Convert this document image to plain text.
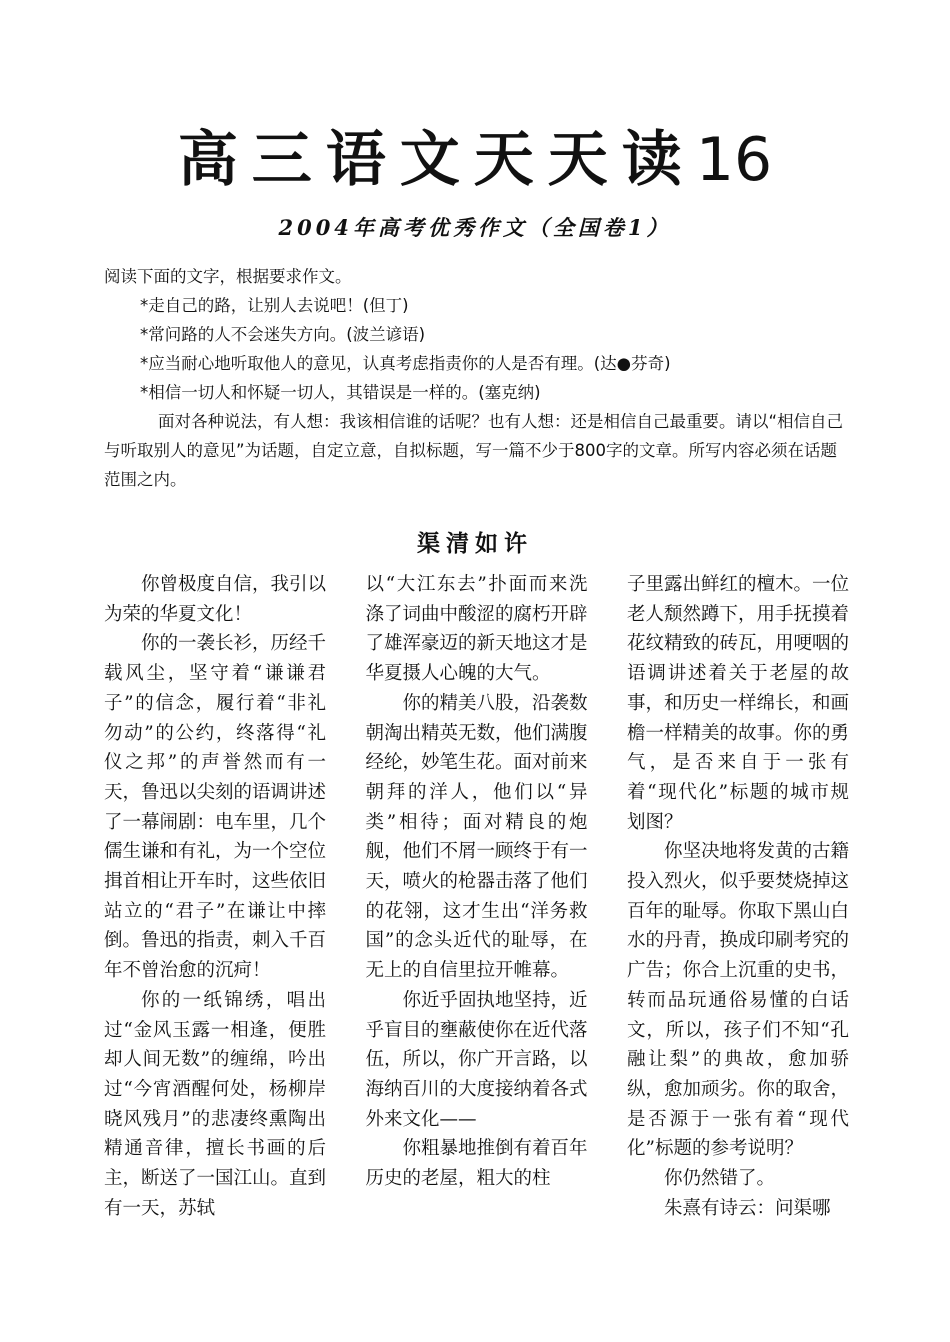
高三语文天天读16
2004年高考优秀作文（全国卷1）

阅读下面的文字，根据要求作文。

*走自己的路，让别人去说吧！(但丁)

*常问路的人不会迷失方向。(波兰谚语)

*应当耐心地听取他人的意见，认真考虑指责你的人是否有理。(达●芬奇)

*相信一切人和怀疑一切人，其错误是一样的。(塞克纳)

面对各种说法，有人想：我该相信谁的话呢？也有人想：还是相信自己最重要。请以“相信自己与听取别人的意见”为话题，自定立意，自拟标题，写一篇不少于800字的文章。所写内容必须在话题范围之内。

渠清如许

你曾极度自信，我引以为荣的华夏文化！

你的一袭长衫，历经千载风尘，坚守着“谦谦君子”的信念，履行着“非礼勿动”的公约，终落得“礼仪之邦”的声誉然而有一天，鲁迅以尖刻的语调讲述了一幕闹剧：电车里，几个儒生谦和有礼，为一个空位揖首相让开车时，这些依旧站立的“君子”在谦让中摔倒。鲁迅的指责，刺入千百年不曾治愈的沉疴！

你的一纸锦绣，唱出过“金风玉露一相逢，便胜却人间无数”的缠绵，吟出过“今宵酒醒何处，杨柳岸晓风残月”的悲凄终熏陶出精通音律，擅长书画的后主，断送了一国江山。直到有一天，苏轼

以“大江东去”扑面而来洗涤了词曲中酸涩的腐朽开辟了雄浑豪迈的新天地这才是华夏摄人心魄的大气。

你的精美八股，沿袭数朝淘出精英无数，他们满腹经纶，妙笔生花。面对前来朝拜的洋人，他们以“异类”相待；面对精良的炮舰，他们不屑一顾终于有一天，喷火的枪器击落了他们的花翎，这才生出“洋务救国”的念头近代的耻辱，在无上的自信里拉开帷幕。

你近乎固执地坚持，近乎盲目的壅蔽使你在近代落伍，所以，你广开言路，以海纳百川的大度接纳着各式外来文化——

你粗暴地推倒有着百年历史的老屋，粗大的柱

子里露出鲜红的檀木。一位老人颓然蹲下，用手抚摸着花纹精致的砖瓦，用哽咽的语调讲述着关于老屋的故事，和历史一样绵长，和画檐一样精美的故事。你的勇气，是否来自于一张有着“现代化”标题的城市规划图？

你坚决地将发黄的古籍投入烈火，似乎要焚烧掉这百年的耻辱。你取下黑山白水的丹青，换成印刷考究的广告；你合上沉重的史书，转而品玩通俗易懂的白话文，所以，孩子们不知“孔融让梨”的典故，愈加骄纵，愈加顽劣。你的取舍，是否源于一张有着“现代化”标题的参考说明？

你仍然错了。

朱熹有诗云：问渠哪
